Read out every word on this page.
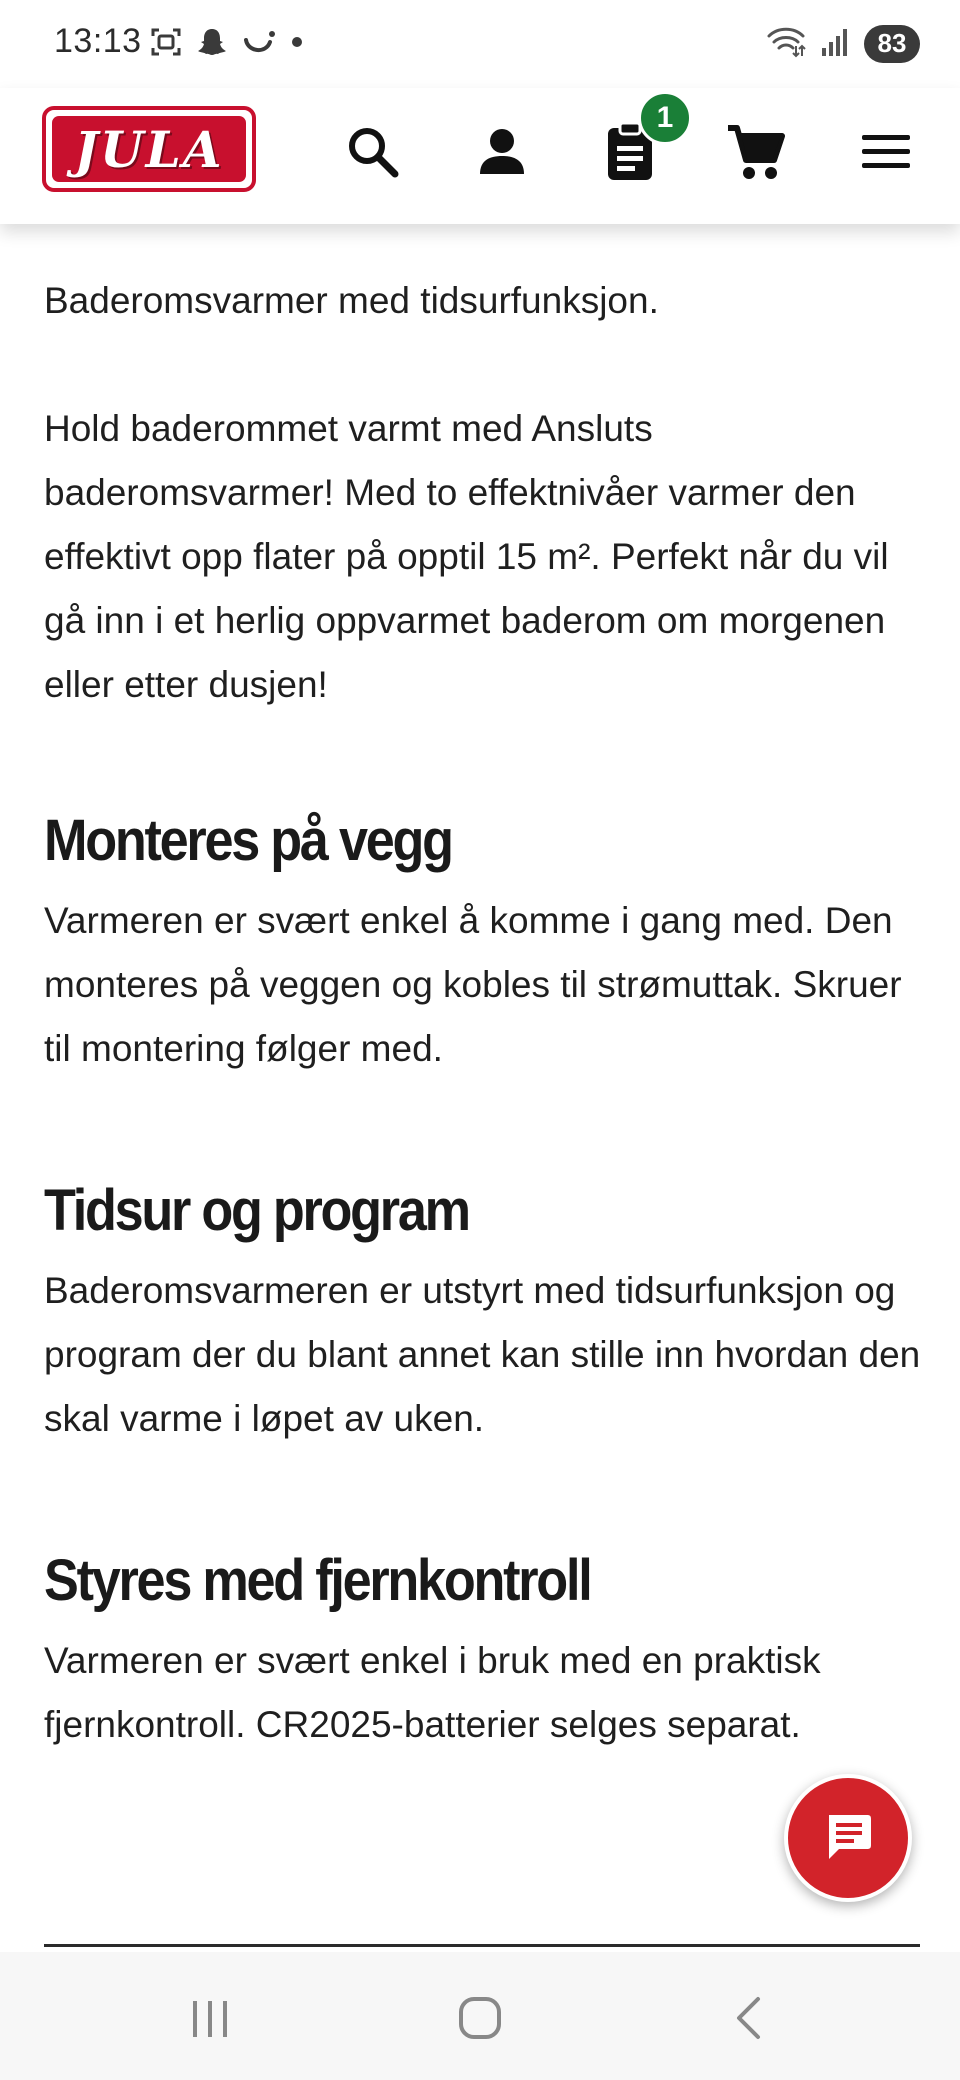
13:13	83
JULA
1

Baderomsvarmer med tidsurfunksjon.

Hold baderommet varmt med Ansluts baderomsvarmer! Med to effektnivåer varmer den effektivt opp flater på opptil 15 m². Perfekt når du vil gå inn i et herlig oppvarmet baderom om morgenen eller etter dusjen!

Monteres på vegg

Varmeren er svært enkel å komme i gang med. Den monteres på veggen og kobles til strømuttak. Skruer til montering følger med.

Tidsur og program

Baderomsvarmeren er utstyrt med tidsurfunksjon og program der du blant annet kan stille inn hvordan den skal varme i løpet av uken.

Styres med fjernkontroll

Varmeren er svært enkel i bruk med en praktisk fjernkontroll. CR2025-batterier selges separat.
